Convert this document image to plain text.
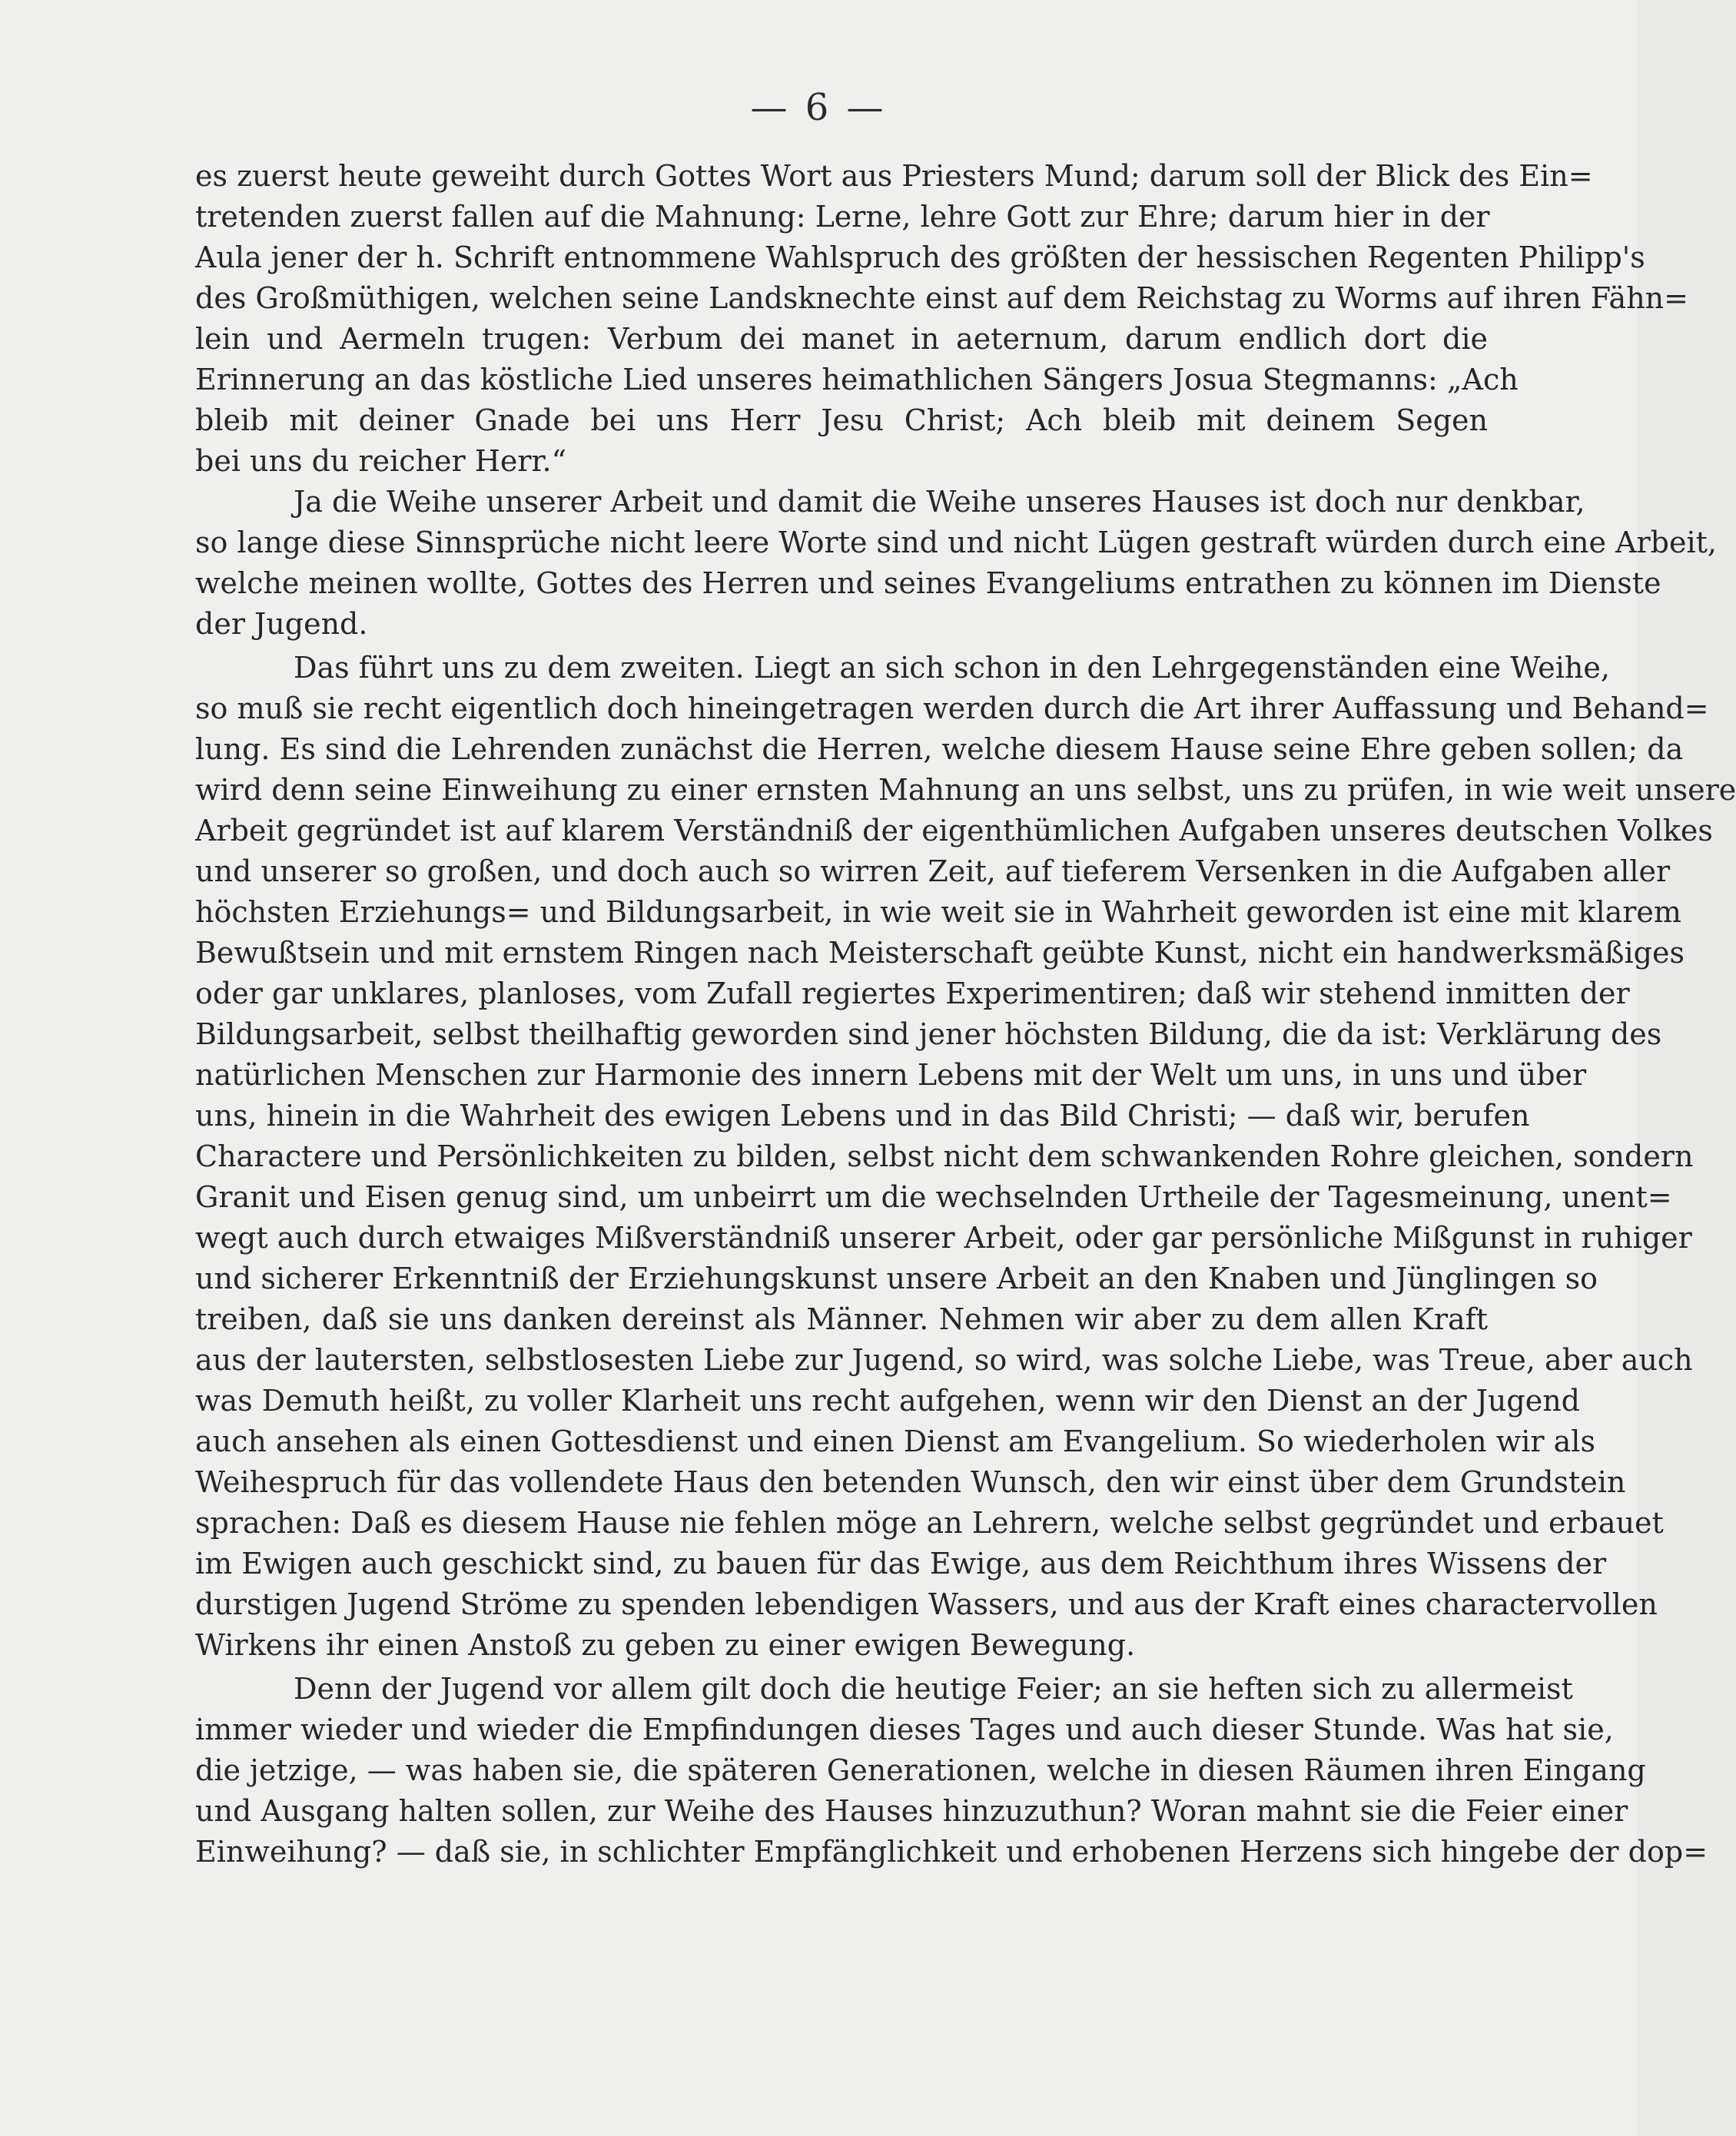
— 6 —
es zuerst heute geweiht durch Gottes Wort aus Priesters Mund; darum soll der Blick des Ein=
tretenden zuerst fallen auf die Mahnung: Lerne, lehre Gott zur Ehre; darum hier in der
Aula jener der h. Schrift entnommene Wahlspruch des größten der hessischen Regenten Philipp's
des Großmüthigen, welchen seine Landsknechte einst auf dem Reichstag zu Worms auf ihren Fähn=
lein und Aermeln trugen: Verbum dei manet in aeternum, darum endlich dort die
Erinnerung an das köstliche Lied unseres heimathlichen Sängers Josua Stegmanns: „Ach
bleib mit deiner Gnade bei uns Herr Jesu Christ; Ach bleib mit deinem Segen
bei uns du reicher Herr.“
Ja die Weihe unserer Arbeit und damit die Weihe unseres Hauses ist doch nur denkbar,
so lange diese Sinnsprüche nicht leere Worte sind und nicht Lügen gestraft würden durch eine Arbeit,
welche meinen wollte, Gottes des Herren und seines Evangeliums entrathen zu können im Dienste
der Jugend.
Das führt uns zu dem zweiten. Liegt an sich schon in den Lehrgegenständen eine Weihe,
so muß sie recht eigentlich doch hineingetragen werden durch die Art ihrer Auffassung und Behand=
lung. Es sind die Lehrenden zunächst die Herren, welche diesem Hause seine Ehre geben sollen; da
wird denn seine Einweihung zu einer ernsten Mahnung an uns selbst, uns zu prüfen, in wie weit unsere
Arbeit gegründet ist auf klarem Verständniß der eigenthümlichen Aufgaben unseres deutschen Volkes
und unserer so großen, und doch auch so wirren Zeit, auf tieferem Versenken in die Aufgaben aller
höchsten Erziehungs= und Bildungsarbeit, in wie weit sie in Wahrheit geworden ist eine mit klarem
Bewußtsein und mit ernstem Ringen nach Meisterschaft geübte Kunst, nicht ein handwerksmäßiges
oder gar unklares, planloses, vom Zufall regiertes Experimentiren; daß wir stehend inmitten der
Bildungsarbeit, selbst theilhaftig geworden sind jener höchsten Bildung, die da ist: Verklärung des
natürlichen Menschen zur Harmonie des innern Lebens mit der Welt um uns, in uns und über
uns, hinein in die Wahrheit des ewigen Lebens und in das Bild Christi; — daß wir, berufen
Charactere und Persönlichkeiten zu bilden, selbst nicht dem schwankenden Rohre gleichen, sondern
Granit und Eisen genug sind, um unbeirrt um die wechselnden Urtheile der Tagesmeinung, unent=
wegt auch durch etwaiges Mißverständniß unserer Arbeit, oder gar persönliche Mißgunst in ruhiger
und sicherer Erkenntniß der Erziehungskunst unsere Arbeit an den Knaben und Jünglingen so
treiben, daß sie uns danken dereinst als Männer. Nehmen wir aber zu dem allen Kraft
aus der lautersten, selbstlosesten Liebe zur Jugend, so wird, was solche Liebe, was Treue, aber auch
was Demuth heißt, zu voller Klarheit uns recht aufgehen, wenn wir den Dienst an der Jugend
auch ansehen als einen Gottesdienst und einen Dienst am Evangelium. So wiederholen wir als
Weihespruch für das vollendete Haus den betenden Wunsch, den wir einst über dem Grundstein
sprachen: Daß es diesem Hause nie fehlen möge an Lehrern, welche selbst gegründet und erbauet
im Ewigen auch geschickt sind, zu bauen für das Ewige, aus dem Reichthum ihres Wissens der
durstigen Jugend Ströme zu spenden lebendigen Wassers, und aus der Kraft eines charactervollen
Wirkens ihr einen Anstoß zu geben zu einer ewigen Bewegung.
Denn der Jugend vor allem gilt doch die heutige Feier; an sie heften sich zu allermeist
immer wieder und wieder die Empfindungen dieses Tages und auch dieser Stunde. Was hat sie,
die jetzige, — was haben sie, die späteren Generationen, welche in diesen Räumen ihren Eingang
und Ausgang halten sollen, zur Weihe des Hauses hinzuzuthun? Woran mahnt sie die Feier einer
Einweihung? — daß sie, in schlichter Empfänglichkeit und erhobenen Herzens sich hingebe der dop=
